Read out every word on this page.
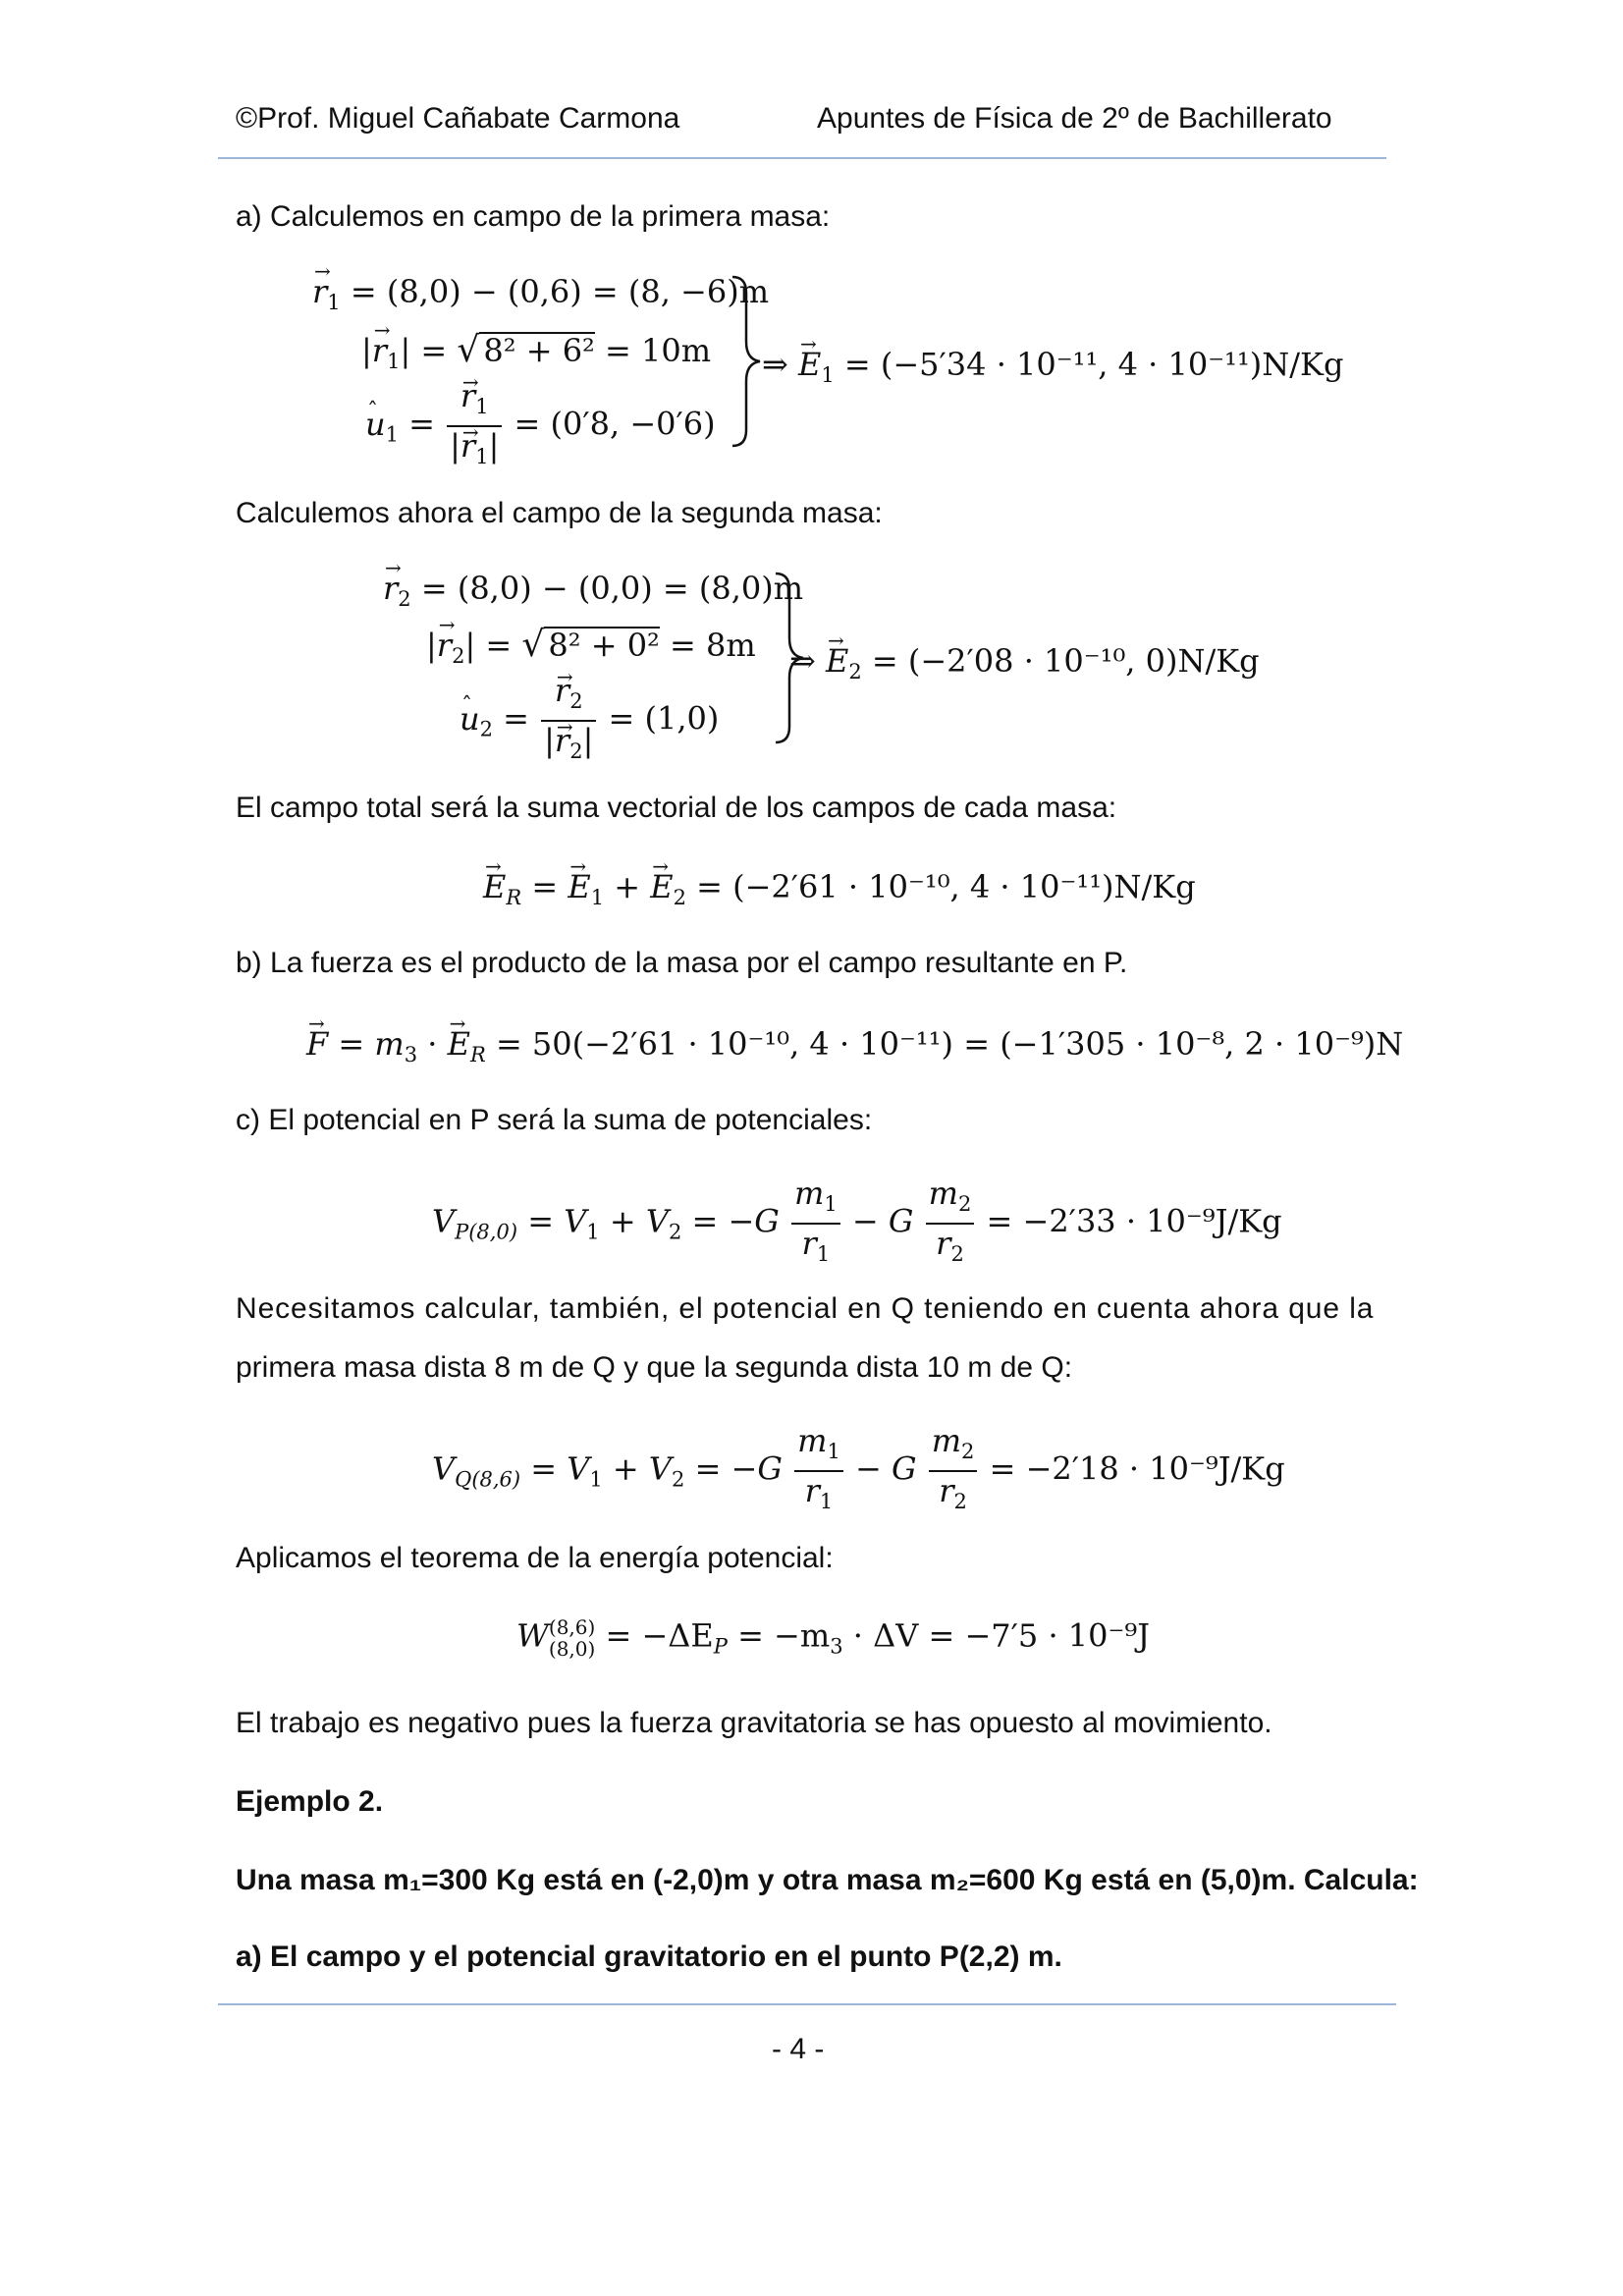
©Prof. Miguel Cañabate Carmona	Apuntes de Física de 2º de Bachillerato
a) Calculemos en campo de la primera masa:
→ $r_1 = (8,0) - (0,6) = (8$, −6)m
|→ $r_1|$ = √ 8² + 6² = 10m
ˆ $u_1$ = → $\frac{r_1}{|\to r_1|} = (0'8$, −0′6)
⇒ → $E_1 = (-5'34 \cdot 10^{-11}$, 4 · 10⁻¹¹)N/Kg
Calculemos ahora el campo de la segunda masa:
→ $r_2 = (8,0) - (0,0) = (8,0)m$
|→ $r_2|$ = √ 8² + 0² = 8m
ˆ $u_2$ = → $\frac{r_2}{|\to r_2|} = (1,0)$
⇒ → $E_2 = (-2'08 \cdot 10^{-10}$, 0)N/Kg
El campo total será la suma vectorial de los campos de cada masa:
→ $E_R$ = → $E_1$ + → $E_2 = (-2'61 \cdot 10^{-10}$, 4 · 10⁻¹¹)N/Kg
b) La fuerza es el producto de la masa por el campo resultante en P.
→ $F = m_3$ · → $E_R = 50(-2'61 \cdot 10^{-10}$, 4 · 10⁻¹¹) = (−1′305 · 10⁻⁸, 2 · 10⁻⁹)N
c) El potencial en P será la suma de potenciales:
$V_{P(8,0)} = V_1 + V_2 = -G \frac{m_1}{r_1} - G \frac{m_2}{r_2} = -2'33 \cdot 10^{-9}J/Kg$
Necesitamos calcular, también, el potencial en Q teniendo en cuenta ahora que la
primera masa dista 8 m de Q y que la segunda dista 10 m de Q:
$V_{Q(8,6)} = V_1 + V_2 = -G \frac{m_1}{r_1} - G \frac{m_2}{r_2} = -2'18 \cdot 10^{-9}J/Kg$
Aplicamos el teorema de la energía potencial:
W (8,6)
$(8,0) = -\Delta E_P = -m_3 \cdot \Delta V = -7'5 \cdot 10^{-9}J$
El trabajo es negativo pues la fuerza gravitatoria se has opuesto al movimiento.
Ejemplo 2.
Una masa m₁=300 Kg está en (-2,0)m y otra masa m₂=600 Kg está en (5,0)m. Calcula:
a) El campo y el potencial gravitatorio en el punto P(2,2) m.
- 4 -
